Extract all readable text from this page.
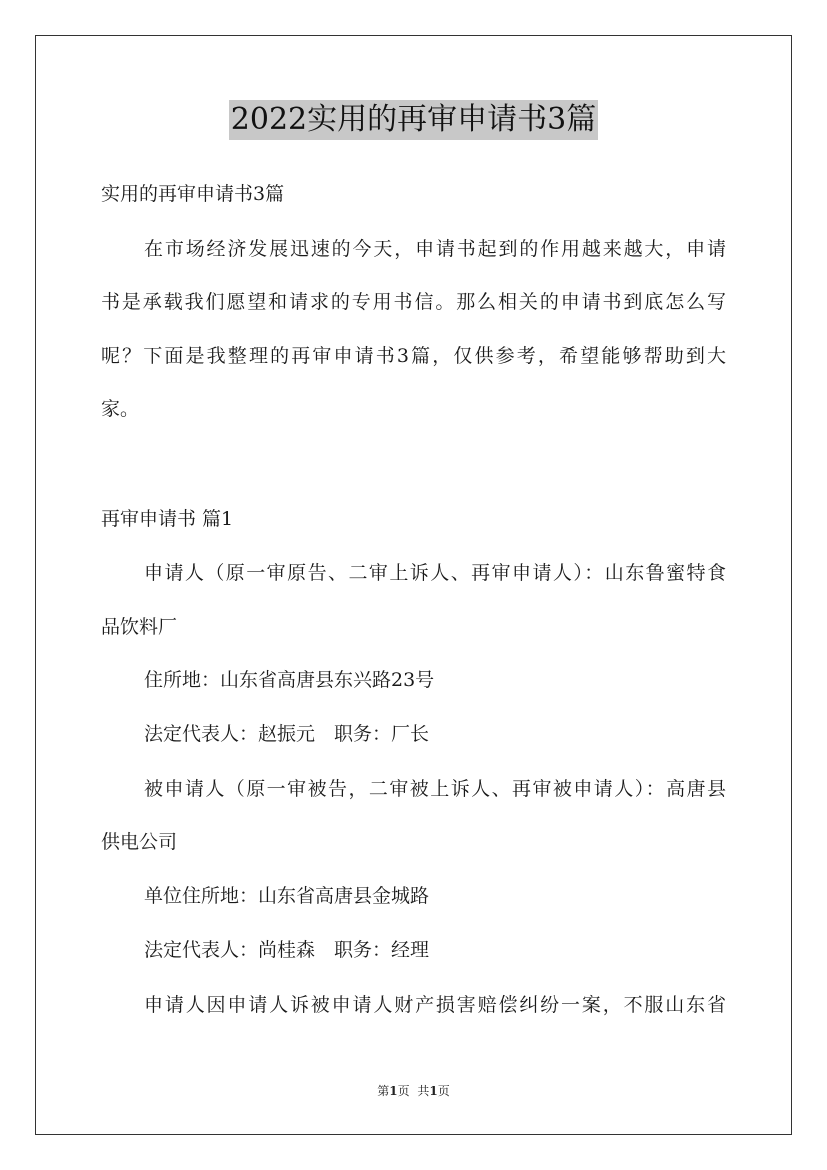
2022实用的再审申请书3篇
实用的再审申请书3篇
在市场经济发展迅速的今天，申请书起到的作用越来越大，申请
书是承载我们愿望和请求的专用书信。那么相关的申请书到底怎么写
呢？下面是我整理的再审申请书3篇，仅供参考，希望能够帮助到大
家。
再审申请书 篇1
申请人（原一审原告、二审上诉人、再审申请人）：山东鲁蜜特食
品饮料厂
住所地：山东省高唐县东兴路23号
法定代表人：赵振元　职务：厂长
被申请人（原一审被告，二审被上诉人、再审被申请人）：高唐县
供电公司
单位住所地：山东省高唐县金城路
法定代表人：尚桂森　职务：经理
申请人因申请人诉被申请人财产损害赔偿纠纷一案，不服山东省
第1页 共1页
